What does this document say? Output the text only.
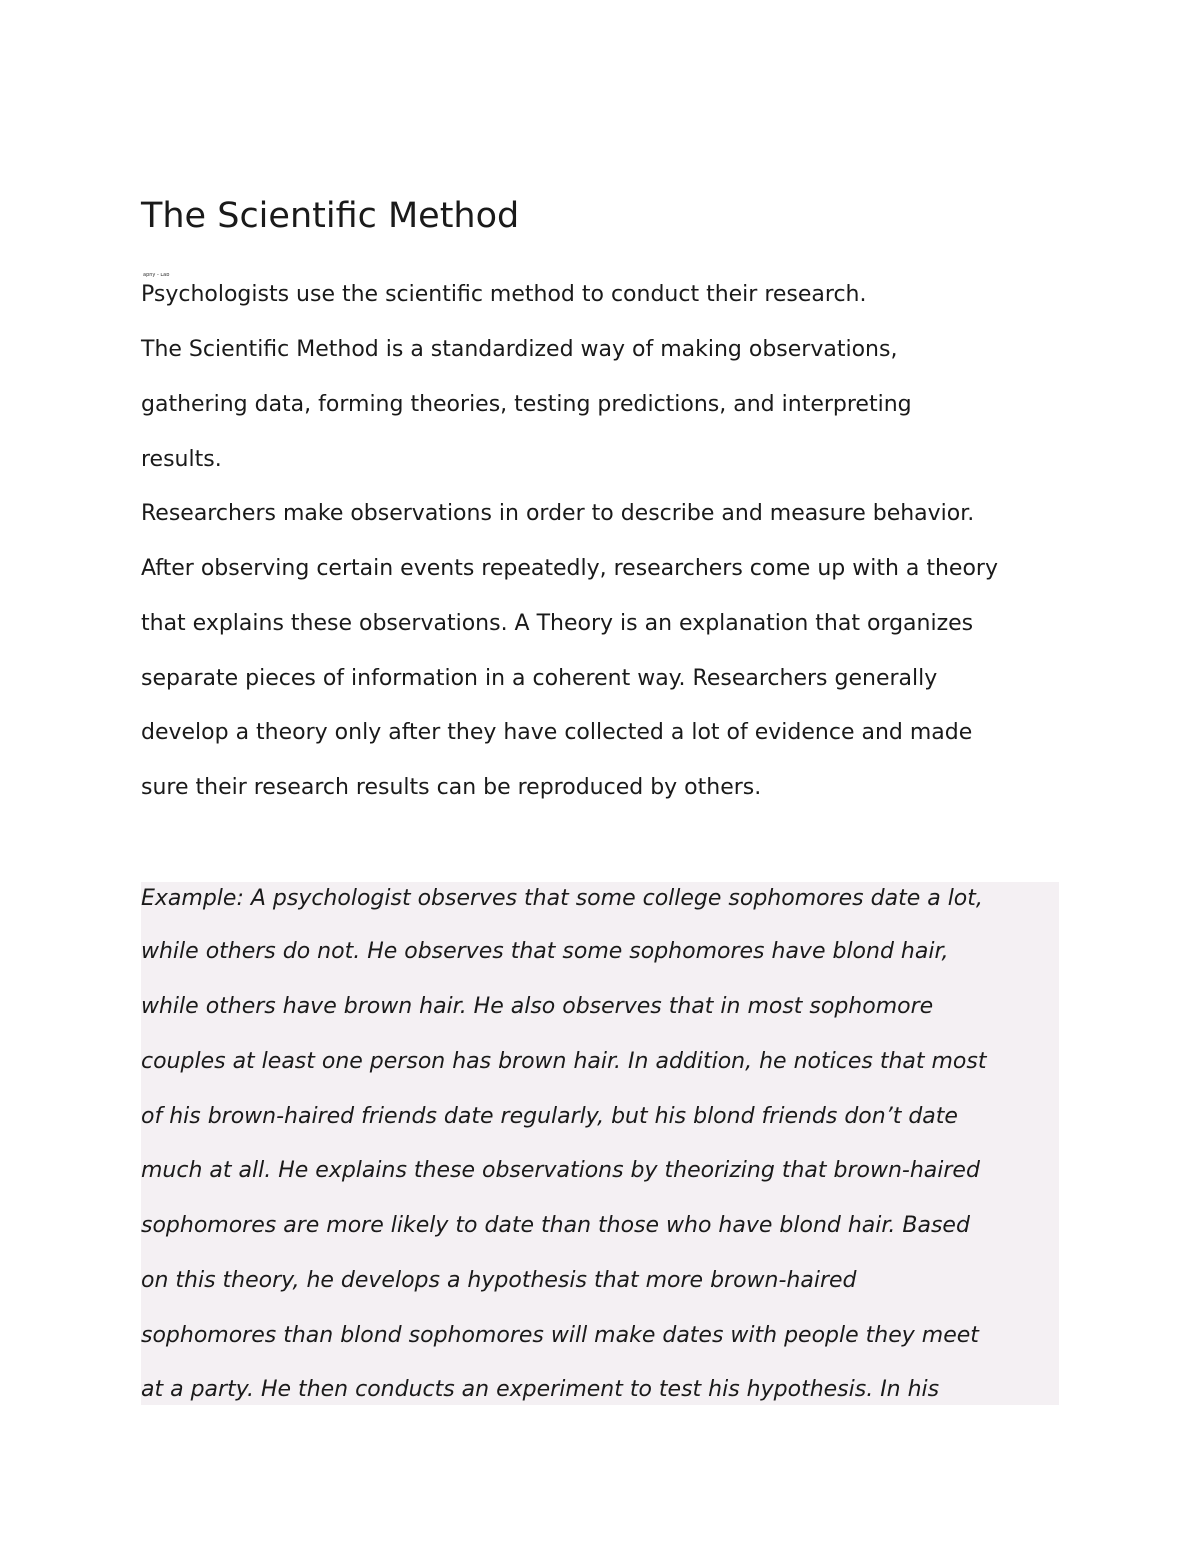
The Scientific Method
aphy - Lab
Psychologists use the scientific method to conduct their research.
The Scientific Method is a standardized way of making observations,
gathering data, forming theories, testing predictions, and interpreting
results.
Researchers make observations in order to describe and measure behavior.
After observing certain events repeatedly, researchers come up with a theory
that explains these observations. A Theory is an explanation that organizes
separate pieces of information in a coherent way. Researchers generally
develop a theory only after they have collected a lot of evidence and made
sure their research results can be reproduced by others.
Example: A psychologist observes that some college sophomores date a lot,
while others do not. He observes that some sophomores have blond hair,
while others have brown hair. He also observes that in most sophomore
couples at least one person has brown hair. In addition, he notices that most
of his brown-haired friends date regularly, but his blond friends don’t date
much at all. He explains these observations by theorizing that brown-haired
sophomores are more likely to date than those who have blond hair. Based
on this theory, he develops a hypothesis that more brown-haired
sophomores than blond sophomores will make dates with people they meet
at a party. He then conducts an experiment to test his hypothesis. In his
